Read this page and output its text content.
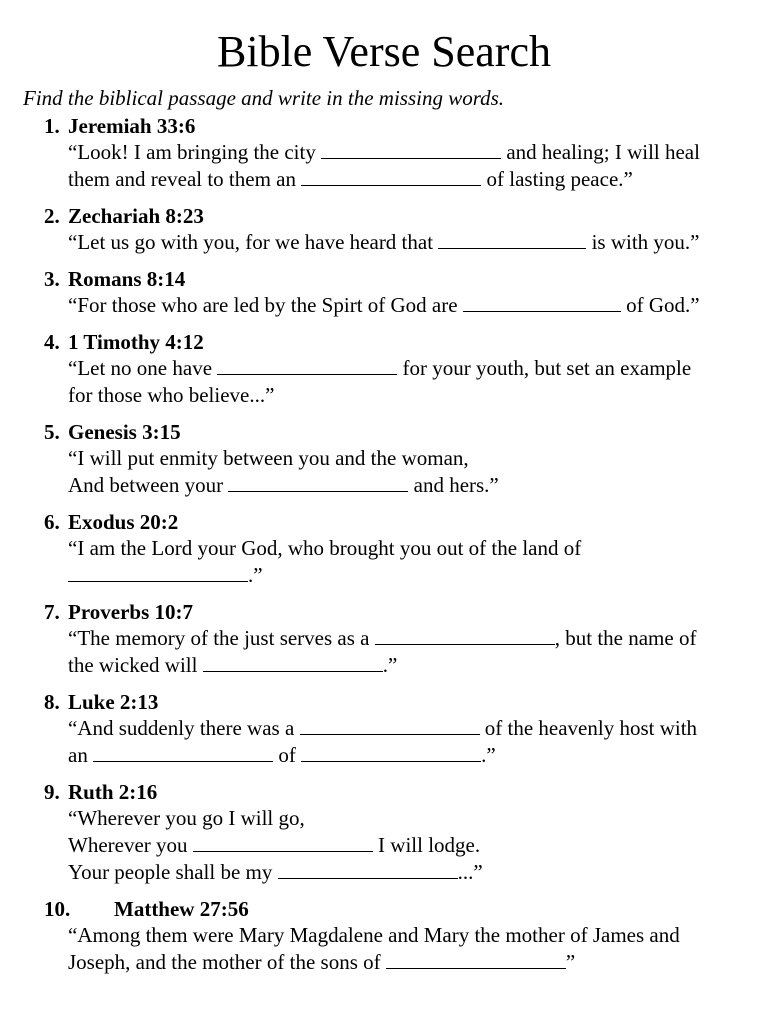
Bible Verse Search
Find the biblical passage and write in the missing words.
1. Jeremiah 33:6
“Look! I am bringing the city	and healing; I will heal
them and reveal to them an	of lasting peace.”
2. Zechariah 8:23
“Let us go with you, for we have heard that	is with you.”
3. Romans 8:14
“For those who are led by the Spirt of God are	of God.”
4. 1 Timothy 4:12
“Let no one have	for your youth, but set an example
for those who believe...”
5. Genesis 3:15
“I will put enmity between you and the woman,
And between your	and hers.”
6. Exodus 20:2
“I am the Lord your God, who brought you out of the land of
.”
7. Proverbs 10:7
“The memory of the just serves as a	, but the name of
the wicked will	.”
8. Luke 2:13
“And suddenly there was a	of the heavenly host with
an	of	.”
9. Ruth 2:16
“Wherever you go I will go,
Wherever you	I will lodge.
Your people shall be my	...”
10. Matthew 27:56
“Among them were Mary Magdalene and Mary the mother of James and
Joseph, and the mother of the sons of	”
